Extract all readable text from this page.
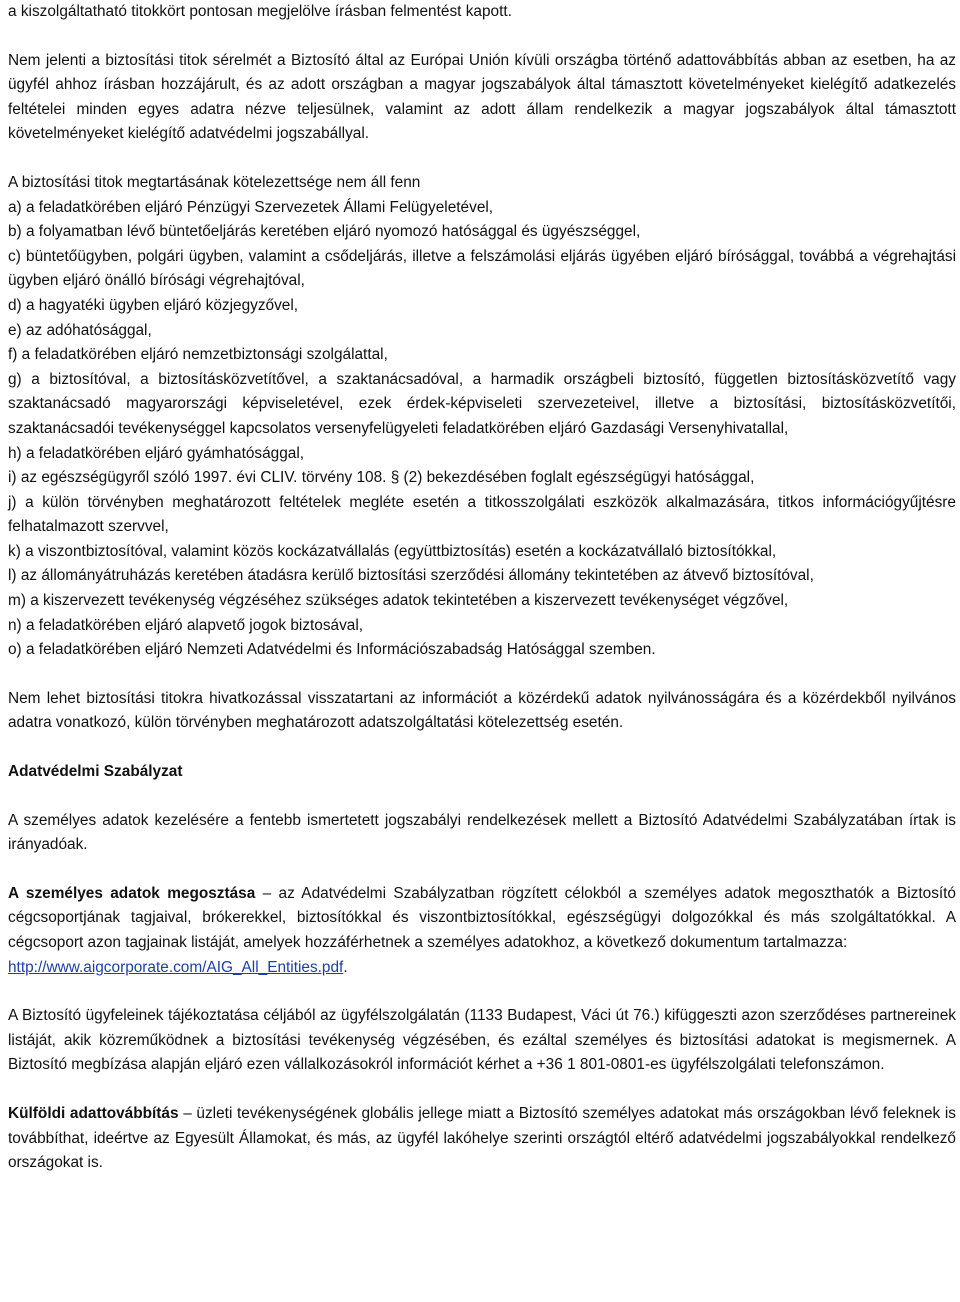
a kiszolgáltatható titokkört pontosan megjelölve írásban felmentést kapott.

Nem jelenti a biztosítási titok sérelmét a Biztosító által az Európai Unión kívüli országba történő adattovábbítás abban az esetben, ha az ügyfél ahhoz írásban hozzájárult, és az adott országban a magyar jogszabályok által támasztott követelményeket kielégítő adatkezelés feltételei minden egyes adatra nézve teljesülnek, valamint az adott állam rendelkezik a magyar jogszabályok által támasztott követelményeket kielégítő adatvédelmi jogszabállyal.

A biztosítási titok megtartásának kötelezettsége nem áll fenn

a) a feladatkörében eljáró Pénzügyi Szervezetek Állami Felügyeletével,

b) a folyamatban lévő büntetőeljárás keretében eljáró nyomozó hatósággal és ügyészséggel,

c) büntetőügyben, polgári ügyben, valamint a csődeljárás, illetve a felszámolási eljárás ügyében eljáró bírósággal, továbbá a végrehajtási ügyben eljáró önálló bírósági végrehajtóval,

d) a hagyatéki ügyben eljáró közjegyzővel,

e) az adóhatósággal,

f) a feladatkörében eljáró nemzetbiztonsági szolgálattal,

g) a biztosítóval, a biztosításközvetítővel, a szaktanácsadóval, a harmadik országbeli biztosító, független biztosításközvetítő vagy szaktanácsadó magyarországi képviseletével, ezek érdek-képviseleti szervezeteivel, illetve a biztosítási, biztosításközvetítői, szaktanácsadói tevékenységgel kapcsolatos versenyfelügyeleti feladatkörében eljáró Gazdasági Versenyhivatallal,

h) a feladatkörében eljáró gyámhatósággal,

i) az egészségügyről szóló 1997. évi CLIV. törvény 108. § (2) bekezdésében foglalt egészségügyi hatósággal,

j) a külön törvényben meghatározott feltételek megléte esetén a titkosszolgálati eszközök alkalmazására, titkos információgyűjtésre felhatalmazott szervvel,

k) a viszontbiztosítóval, valamint közös kockázatvállalás (együttbiztosítás) esetén a kockázatvállaló biztosítókkal,

l) az állományátruházás keretében átadásra kerülő biztosítási szerződési állomány tekintetében az átvevő biztosítóval,

m) a kiszervezett tevékenység végzéséhez szükséges adatok tekintetében a kiszervezett tevékenységet végzővel,

n) a feladatkörében eljáró alapvető jogok biztosával,

o) a feladatkörében eljáró Nemzeti Adatvédelmi és Információszabadság Hatósággal szemben.

Nem lehet biztosítási titokra hivatkozással visszatartani az információt a közérdekű adatok nyilvánosságára és a közérdekből nyilvános adatra vonatkozó, külön törvényben meghatározott adatszolgáltatási kötelezettség esetén.

Adatvédelmi Szabályzat

A személyes adatok kezelésére a fentebb ismertetett jogszabályi rendelkezések mellett a Biztosító Adatvédelmi Szabályzatában írtak is irányadóak.

A személyes adatok megosztása – az Adatvédelmi Szabályzatban rögzített célokból a személyes adatok megoszthatók a Biztosító cégcsoportjának tagjaival, brókerekkel, biztosítókkal és viszontbiztosítókkal, egészségügyi dolgozókkal és más szolgáltatókkal. A cégcsoport azon tagjainak listáját, amelyek hozzáférhetnek a személyes adatokhoz, a következő dokumentum tartalmazza:
http://www.aigcorporate.com/AIG_All_Entities.pdf.

A Biztosító ügyfeleinek tájékoztatása céljából az ügyfélszolgálatán (1133 Budapest, Váci út 76.) kifüggeszti azon szerződéses partnereinek listáját, akik közreműködnek a biztosítási tevékenység végzésében, és ezáltal személyes és biztosítási adatokat is megismernek. A Biztosító megbízása alapján eljáró ezen vállalkozásokról információt kérhet a +36 1 801-0801-es ügyfélszolgálati telefonszámon.

Külföldi adattovábbítás – üzleti tevékenységének globális jellege miatt a Biztosító személyes adatokat más országokban lévő feleknek is továbbíthat, ideértve az Egyesült Államokat, és más, az ügyfél lakóhelye szerinti országtól eltérő adatvédelmi jogszabályokkal rendelkező országokat is.
